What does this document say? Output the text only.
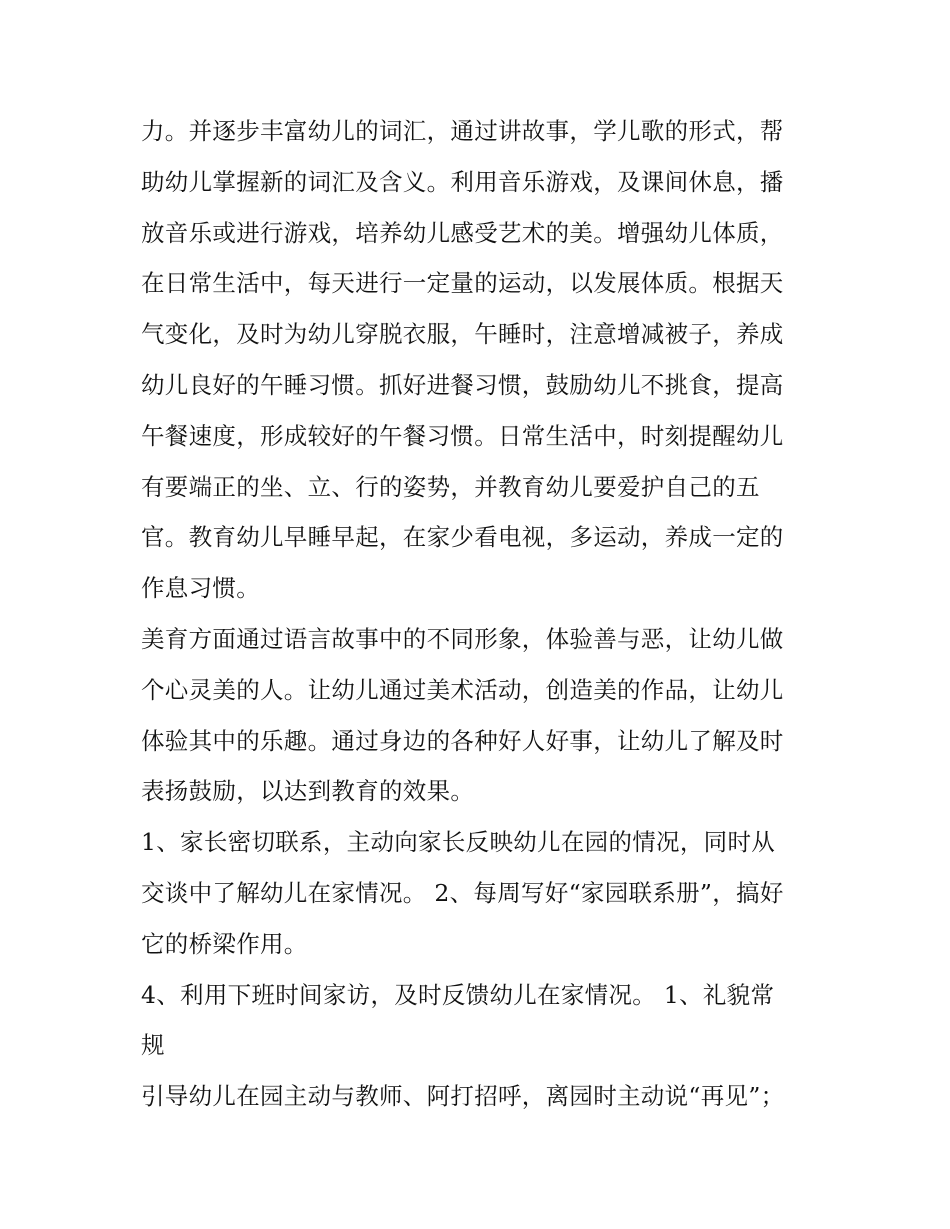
力。并逐步丰富幼儿的词汇，通过讲故事，学儿歌的形式，帮
助幼儿掌握新的词汇及含义。利用音乐游戏，及课间休息，播
放音乐或进行游戏，培养幼儿感受艺术的美。增强幼儿体质，
在日常生活中，每天进行一定量的运动，以发展体质。根据天
气变化，及时为幼儿穿脱衣服，午睡时，注意增减被子，养成
幼儿良好的午睡习惯。抓好进餐习惯，鼓励幼儿不挑食，提高
午餐速度，形成较好的午餐习惯。日常生活中，时刻提醒幼儿
有要端正的坐、立、行的姿势，并教育幼儿要爱护自己的五
官。教育幼儿早睡早起，在家少看电视，多运动，养成一定的
作息习惯。
美育方面通过语言故事中的不同形象，体验善与恶，让幼儿做
个心灵美的人。让幼儿通过美术活动，创造美的作品，让幼儿
体验其中的乐趣。通过身边的各种好人好事，让幼儿了解及时
表扬鼓励，以达到教育的效果。
1、家长密切联系，主动向家长反映幼儿在园的情况，同时从
交谈中了解幼儿在家情况。 2、每周写好“家园联系册”，搞好
它的桥梁作用。
4、利用下班时间家访，及时反馈幼儿在家情况。 1、礼貌常
规
引导幼儿在园主动与教师、阿打招呼，离园时主动说“再见”；
